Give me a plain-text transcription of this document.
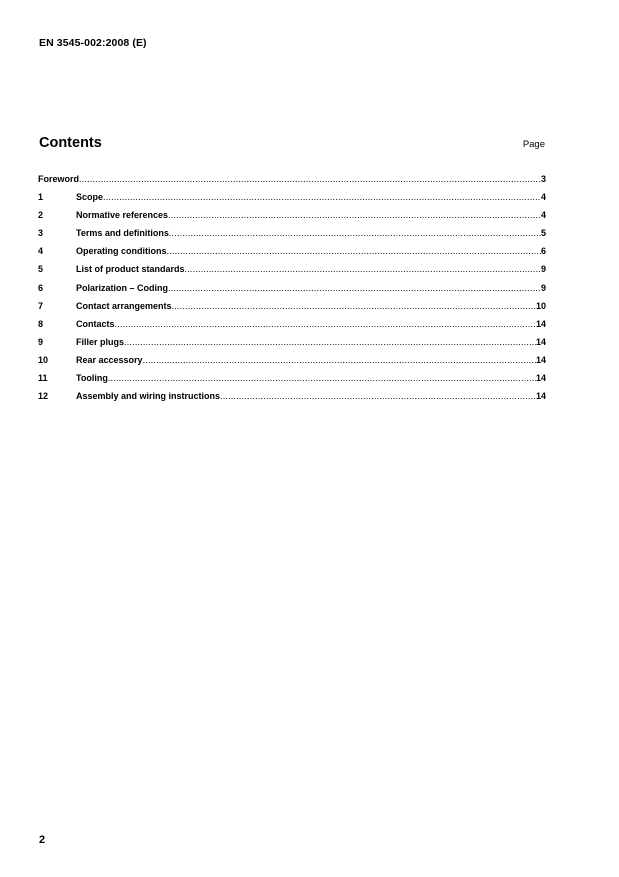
EN 3545-002:2008 (E)
Contents	Page
Foreword .....	3
1	Scope .....	4
2	Normative references .....	4
3	Terms and definitions .....	5
4	Operating conditions .....	6
5	List of product standards .....	9
6	Polarization – Coding .....	9
7	Contact arrangements .....	10
8	Contacts .....	14
9	Filler plugs .....	14
10	Rear accessory .....	14
11	Tooling .....	14
12	Assembly and wiring instructions .....	14
2
